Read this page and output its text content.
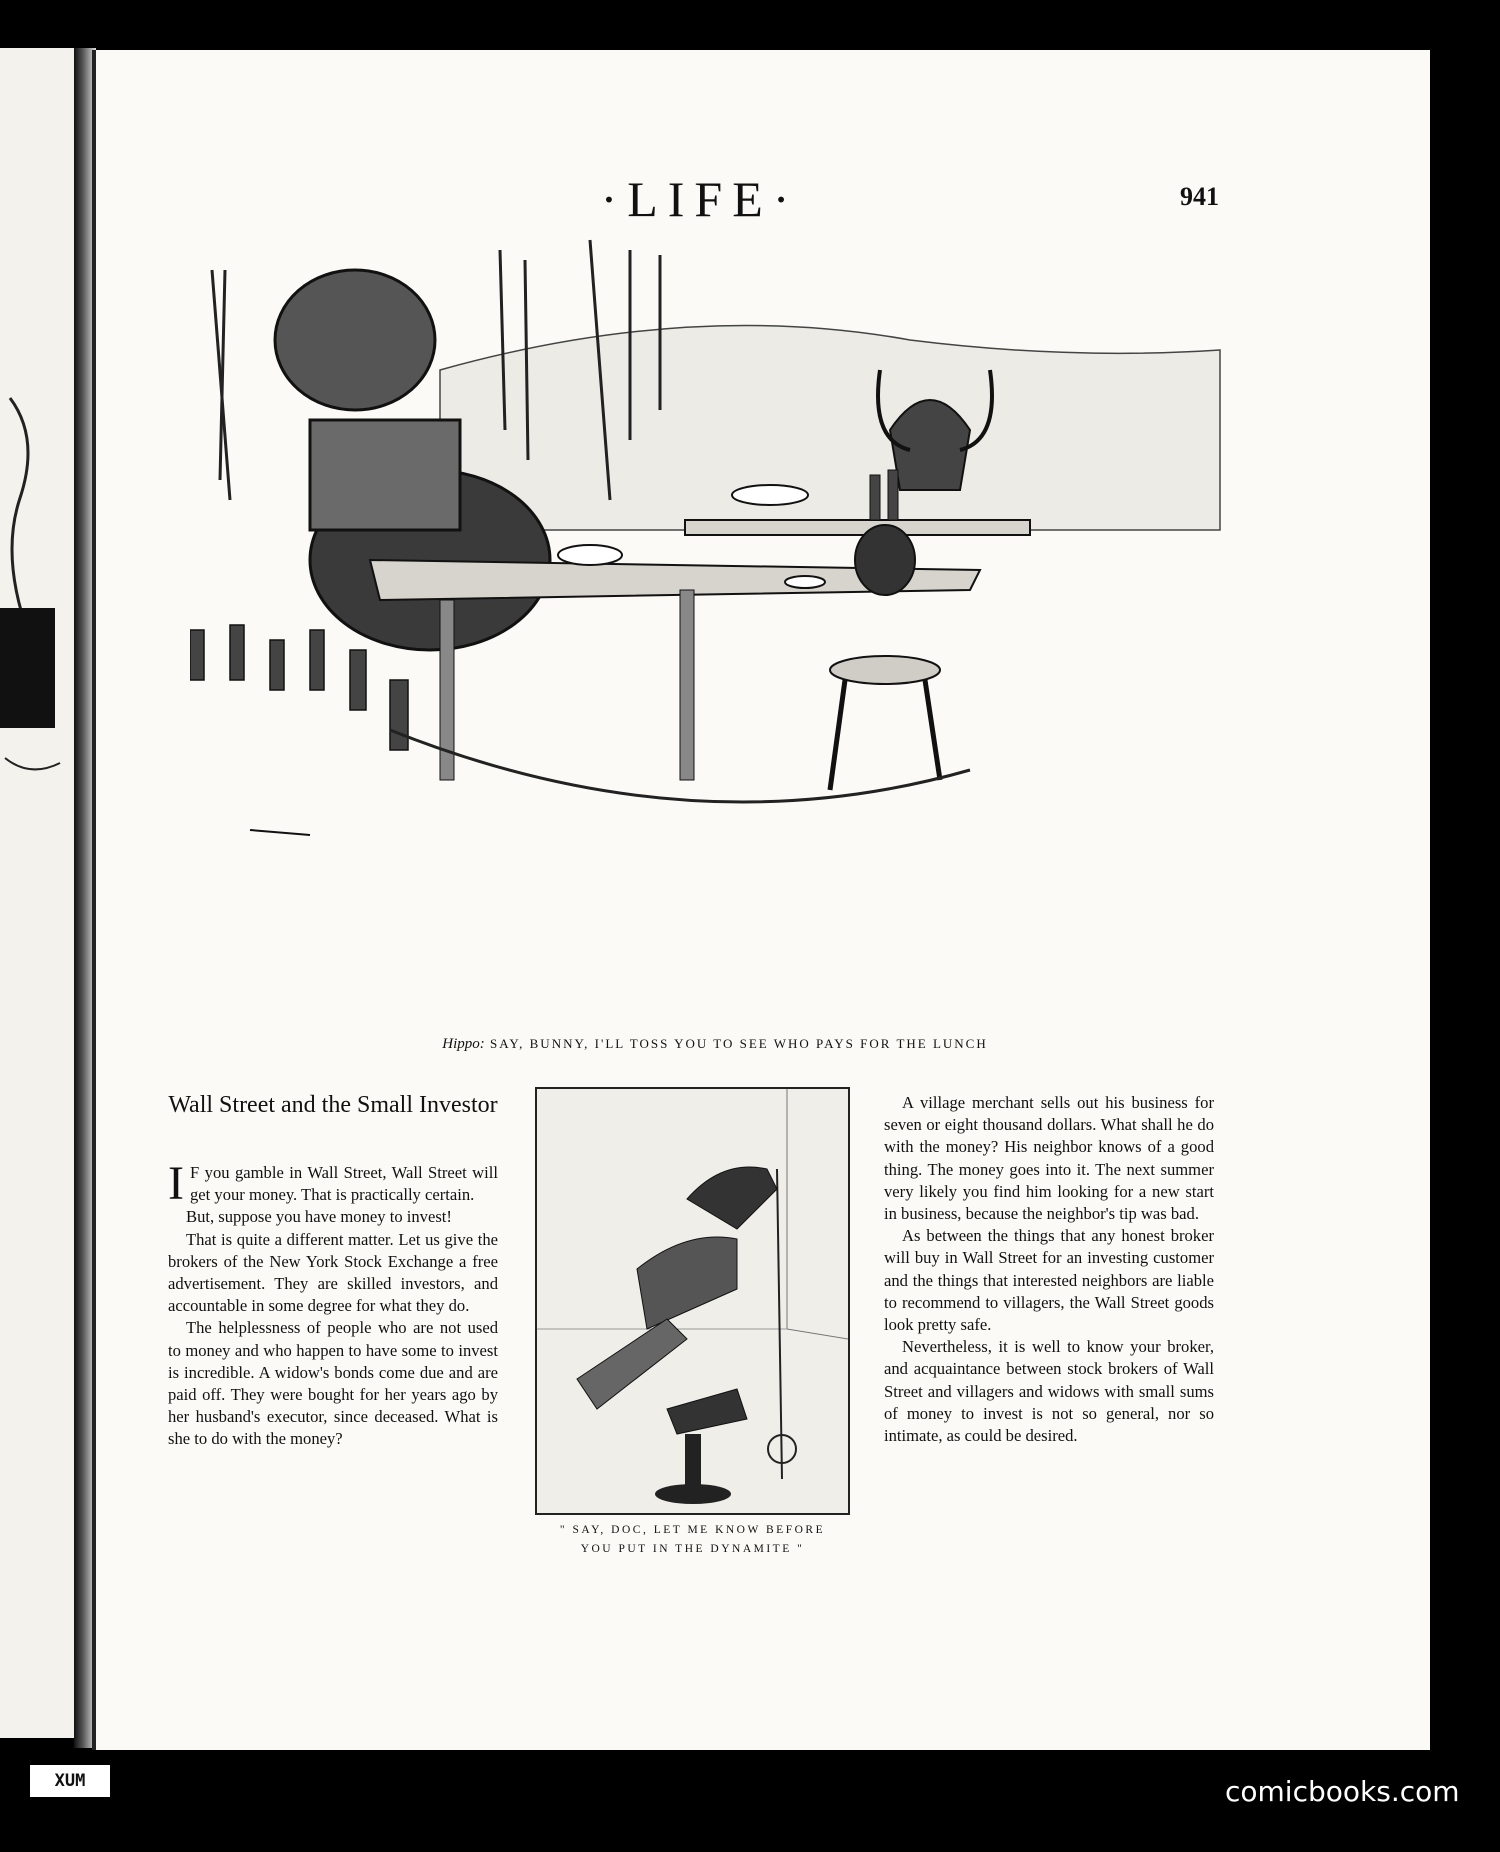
·LIFE·	941
Hippo: SAY, BUNNY, I'LL TOSS YOU TO SEE WHO PAYS FOR THE LUNCH
Wall Street and the Small Investor

I F you gamble in Wall Street, Wall Street will get your money. That is practically certain.

But, suppose you have money to invest!

That is quite a different matter. Let us give the brokers of the New York Stock Exchange a free advertisement. They are skilled investors, and accountable in some degree for what they do.

The helplessness of people who are not used to money and who happen to have some to invest is incredible. A widow's bonds come due and are paid off. They were bought for her years ago by her husband's executor, since deceased. What is she to do with the money?

" SAY, DOC, LET ME KNOW BEFORE
YOU PUT IN THE DYNAMITE "

A village merchant sells out his business for seven or eight thousand dollars. What shall he do with the money? His neighbor knows of a good thing. The money goes into it. The next summer very likely you find him looking for a new start in business, because the neighbor's tip was bad.

As between the things that any honest broker will buy in Wall Street for an investing customer and the things that interested neighbors are liable to recommend to villagers, the Wall Street goods look pretty safe.

Nevertheless, it is well to know your broker, and acquaintance between stock brokers of Wall Street and villagers and widows with small sums of money to invest is not so general, nor so intimate, as could be desired.

XUM	comicbooks.com
